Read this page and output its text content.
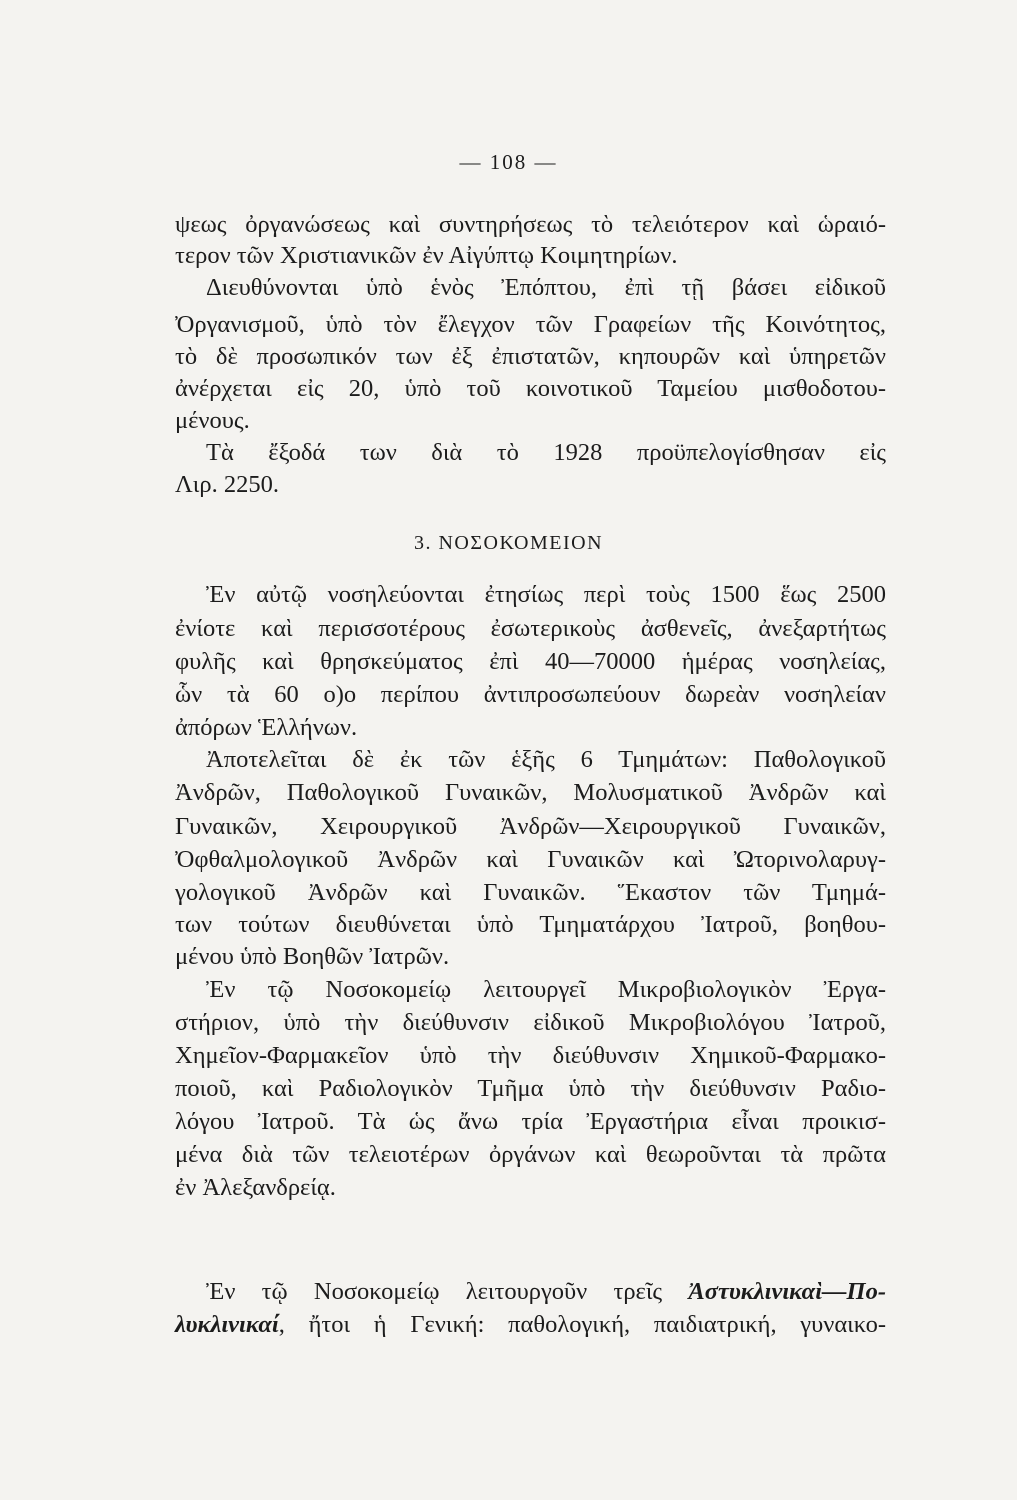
— 108 —
ψεως ὀργανώσεως καὶ συντηρήσεως τὸ τελειότερον καὶ ὡραιό-
τερον τῶν Χριστιανικῶν ἐν Αἰγύπτῳ Κοιμητηρίων.
Διευθύνονται ὑπὸ ἑνὸς Ἐπόπτου, ἐπὶ τῇ βάσει εἰδικοῦ
Ὀργανισμοῦ, ὑπὸ τὸν ἔλεγχον τῶν Γραφείων τῆς Κοινότητος,
τὸ δὲ προσωπικόν των ἐξ ἐπιστατῶν, κηπουρῶν καὶ ὑπηρετῶν
ἀνέρχεται εἰς 20, ὑπὸ τοῦ κοινοτικοῦ Ταμείου μισθοδοτου-
μένους.
Τὰ ἔξοδά των διὰ τὸ 1928 προϋπελογίσθησαν εἰς
Λιρ. 2250.
3. ΝΟΣΟΚΟΜΕΙΟΝ
Ἐν αὐτῷ νοσηλεύονται ἐτησίως περὶ τοὺς 1500 ἕως 2500
ἐνίοτε καὶ περισσοτέρους ἐσωτερικοὺς ἀσθενεῖς, ἀνεξαρτήτως
φυλῆς καὶ θρησκεύματος ἐπὶ 40—70000 ἡμέρας νοσηλείας,
ὧν τὰ 60 ο)ο περίπου ἀντιπροσωπεύουν δωρεὰν νοσηλείαν
ἀπόρων Ἑλλήνων.
Ἀποτελεῖται δὲ ἐκ τῶν ἑξῆς 6 Τμημάτων: Παθολογικοῦ
Ἀνδρῶν, Παθολογικοῦ Γυναικῶν, Μολυσματικοῦ Ἀνδρῶν καὶ
Γυναικῶν, Χειρουργικοῦ Ἀνδρῶν—Χειρουργικοῦ Γυναικῶν,
Ὀφθαλμολογικοῦ Ἀνδρῶν καὶ Γυναικῶν καὶ Ὠτορινολαρυγ-
γολογικοῦ Ἀνδρῶν καὶ Γυναικῶν. Ἕκαστον τῶν Τμημά-
των τούτων διευθύνεται ὑπὸ Τμηματάρχου Ἰατροῦ, βοηθου-
μένου ὑπὸ Βοηθῶν Ἰατρῶν.
Ἐν τῷ Νοσοκομείῳ λειτουργεῖ Μικροβιολογικὸν Ἐργα-
στήριον, ὑπὸ τὴν διεύθυνσιν εἰδικοῦ Μικροβιολόγου Ἰατροῦ,
Χημεῖον-Φαρμακεῖον ὑπὸ τὴν διεύθυνσιν Χημικοῦ-Φαρμακο-
ποιοῦ, καὶ Ραδιολογικὸν Τμῆμα ὑπὸ τὴν διεύθυνσιν Ραδιο-
λόγου Ἰατροῦ. Τὰ ὡς ἄνω τρία Ἐργαστήρια εἶναι προικισ-
μένα διὰ τῶν τελειοτέρων ὀργάνων καὶ θεωροῦνται τὰ πρῶτα
ἐν Ἀλεξανδρείᾳ.
Ἐν τῷ Νοσοκομείῳ λειτουργοῦν τρεῖς Ἀστυκλινικαὶ—Πο-
λυκλινικαί, ἤτοι ἡ Γενική: παθολογική, παιδιατρική, γυναικο-
